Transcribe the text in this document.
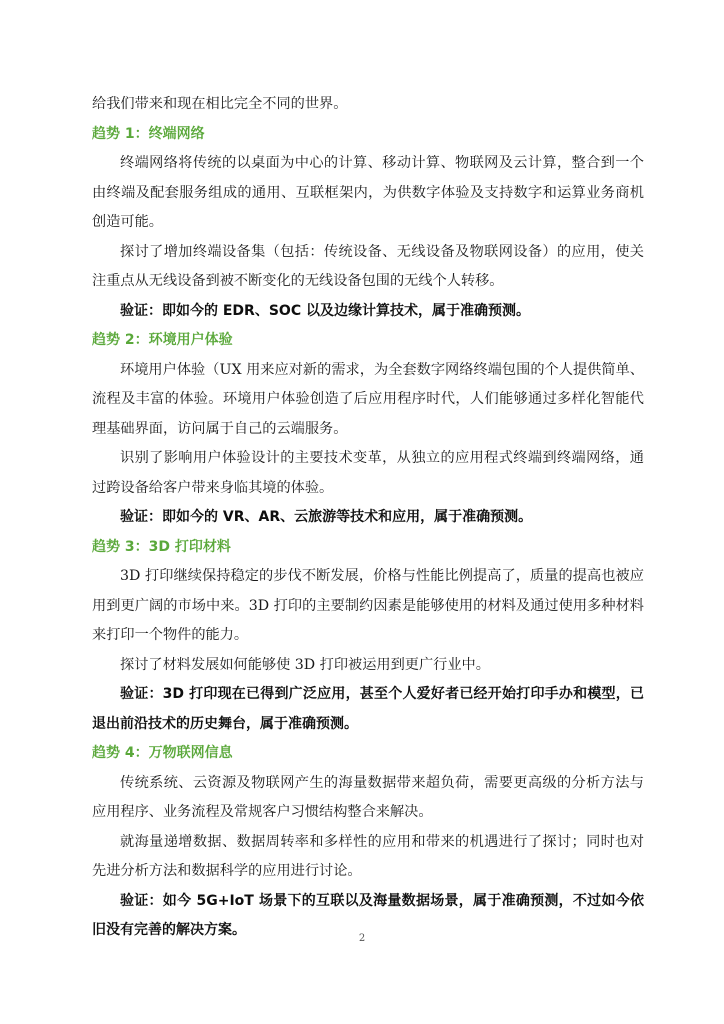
给我们带来和现在相比完全不同的世界。

趋势 1：终端网络

终端网络将传统的以桌面为中心的计算、移动计算、物联网及云计算，整合到一个由终端及配套服务组成的通用、互联框架内，为供数字体验及支持数字和运算业务商机创造可能。

探讨了增加终端设备集（包括：传统设备、无线设备及物联网设备）的应用，使关注重点从无线设备到被不断变化的无线设备包围的无线个人转移。

验证：即如今的 EDR、SOC 以及边缘计算技术，属于准确预测。

趋势 2：环境用户体验

环境用户体验（UX 用来应对新的需求，为全套数字网络终端包围的个人提供简单、流程及丰富的体验。环境用户体验创造了后应用程序时代，人们能够通过多样化智能代理基础界面，访问属于自己的云端服务。

识别了影响用户体验设计的主要技术变革，从独立的应用程式终端到终端网络，通过跨设备给客户带来身临其境的体验。

验证：即如今的 VR、AR、云旅游等技术和应用，属于准确预测。

趋势 3：3D 打印材料

3D 打印继续保持稳定的步伐不断发展，价格与性能比例提高了，质量的提高也被应用到更广阔的市场中来。3D 打印的主要制约因素是能够使用的材料及通过使用多种材料来打印一个物件的能力。

探讨了材料发展如何能够使 3D 打印被运用到更广行业中。

验证：3D 打印现在已得到广泛应用，甚至个人爱好者已经开始打印手办和模型，已退出前沿技术的历史舞台，属于准确预测。

趋势 4：万物联网信息

传统系统、云资源及物联网产生的海量数据带来超负荷，需要更高级的分析方法与应用程序、业务流程及常规客户习惯结构整合来解决。

就海量递增数据、数据周转率和多样性的应用和带来的机遇进行了探讨；同时也对先进分析方法和数据科学的应用进行讨论。

验证：如今 5G+IoT 场景下的互联以及海量数据场景，属于准确预测，不过如今依旧没有完善的解决方案。

2
